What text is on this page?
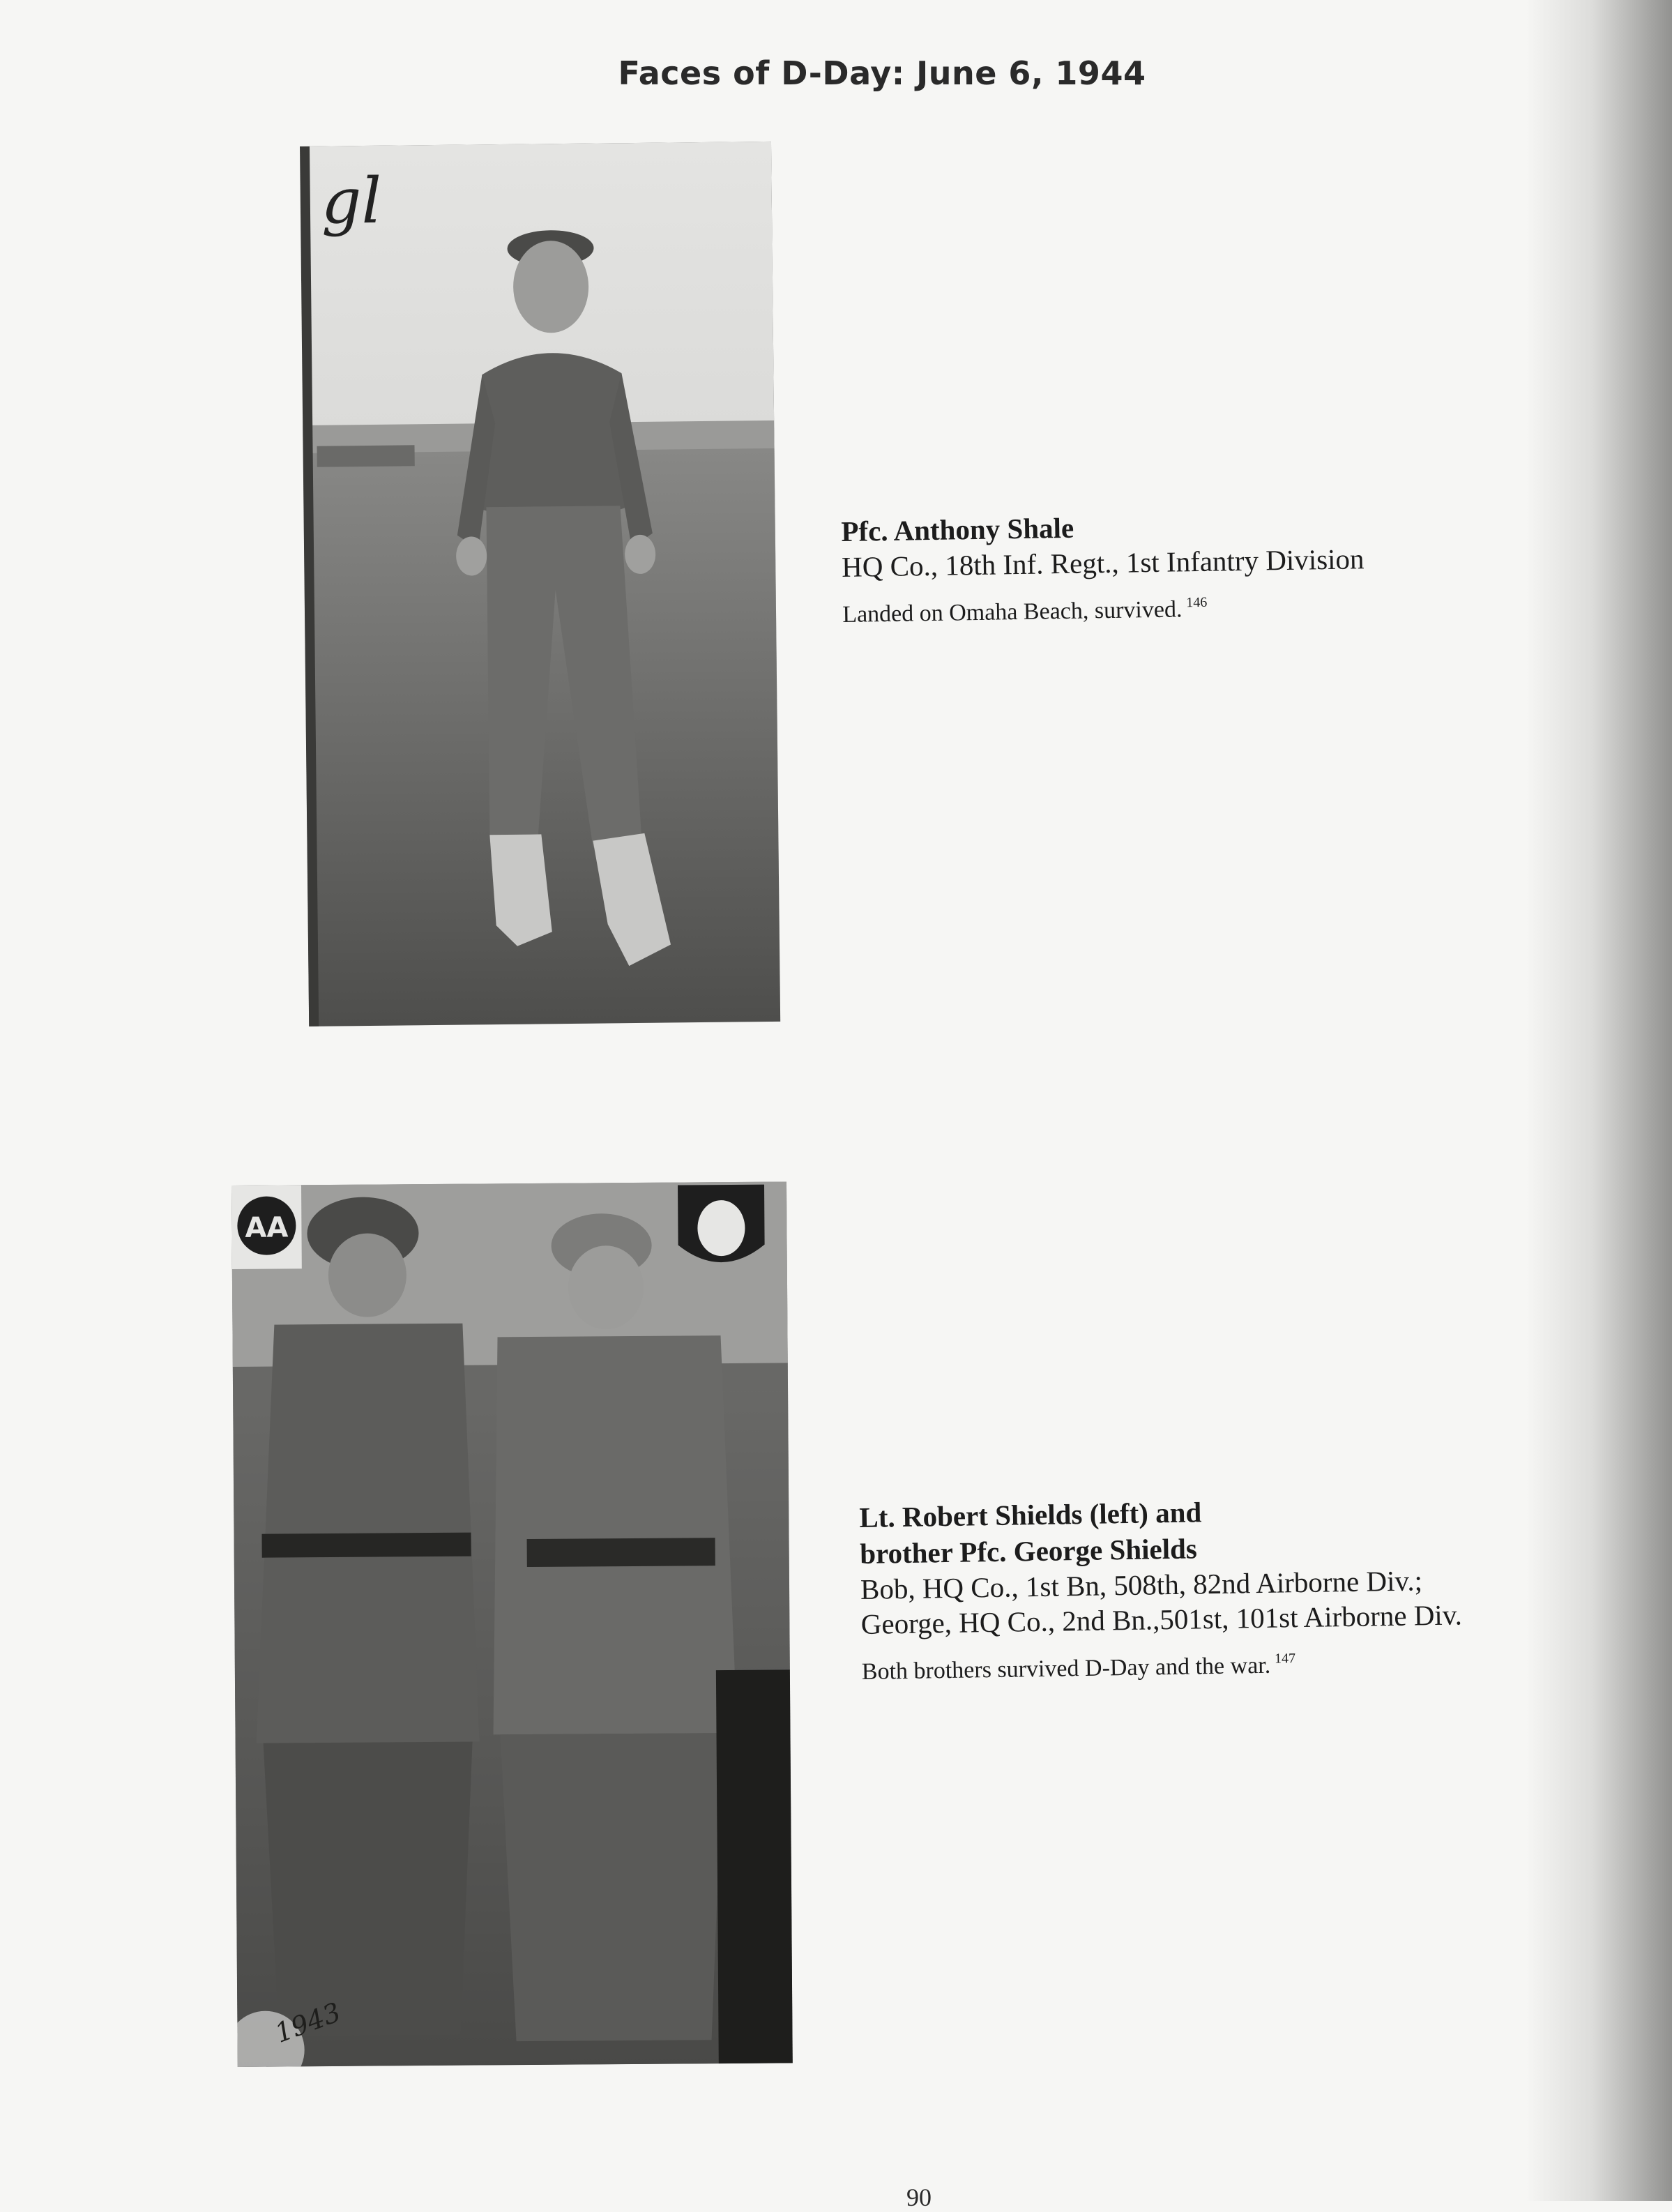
Faces of D-Day: June 6, 1944
gl
Pfc. Anthony Shale
HQ Co., 18th Inf. Regt., 1st Infantry Division
Landed on Omaha Beach, survived. $^{146}$
AA
1943
Lt. Robert Shields (left) and
brother Pfc. George Shields
Bob, HQ Co., 1st Bn, 508th, 82nd Airborne Div.;
George, HQ Co., 2nd Bn.,501st, 101st Airborne Div.
Both brothers survived D-Day and the war. $^{147}$
90
